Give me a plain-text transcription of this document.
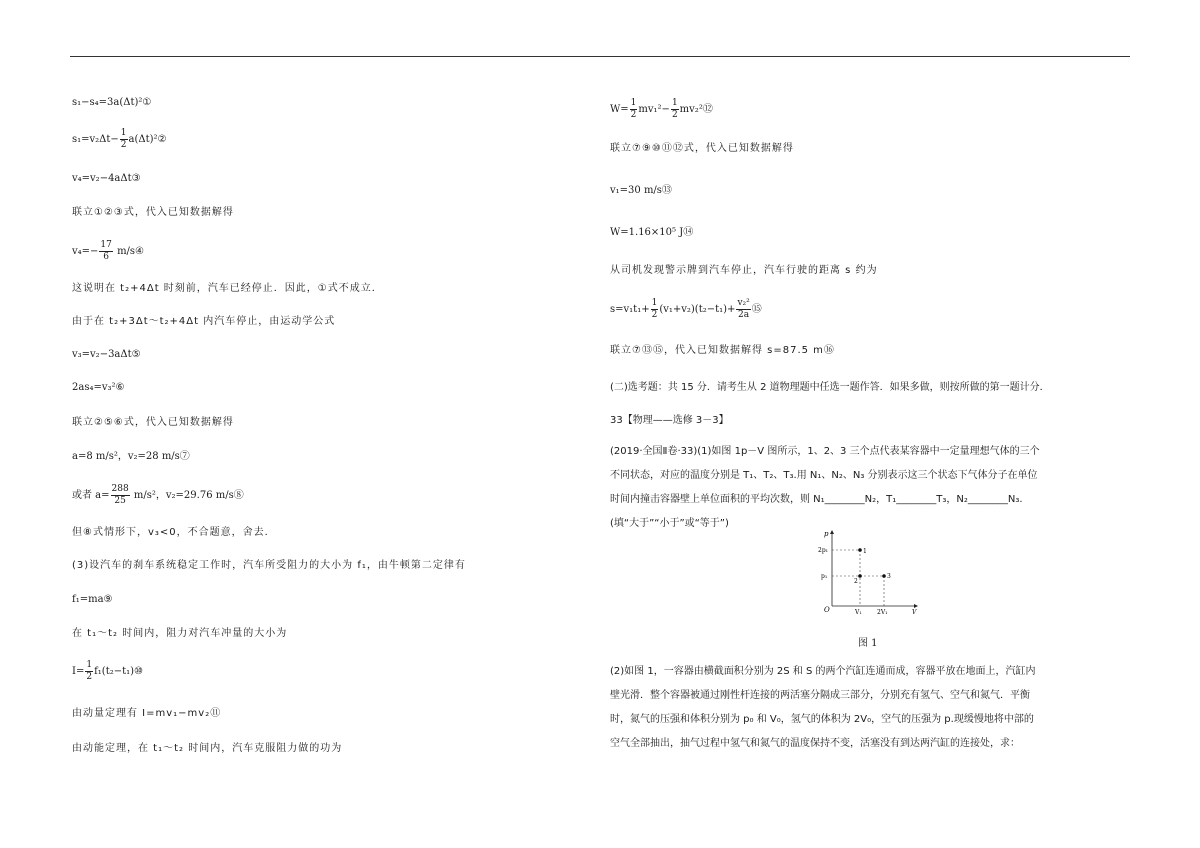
s₁−s₄=3a(Δt)²①
$s_1=v_2\Delta t- \frac{1}{2}$ a(Δt)²②
v₄=v₂−4aΔt③
联立①②③式，代入已知数据解得
$v_4=- \frac{17}{6}$ m/s④
这说明在 t₂+4Δt 时刻前，汽车已经停止．因此，①式不成立．
由于在 t₂+3Δt～t₂+4Δt 内汽车停止，由运动学公式
v₃=v₂−3aΔt⑤
2as₄=v₃²⑥
联立②⑤⑥式，代入已知数据解得
a=8 m/s²，v₂=28 m/s⑦
或者 $a= \frac{288}{25} m/s^2$，v₂=29.76 m/s⑧
但⑧式情形下，v₃<0，不合题意，舍去．
(3)设汽车的刹车系统稳定工作时，汽车所受阻力的大小为 f₁，由牛顿第二定律有
f₁=ma⑨
在 t₁～t₂ 时间内，阻力对汽车冲量的大小为
$I= \frac{1}{2}$ f₁(t₂−t₁)⑩
由动量定理有 I=mv₁−mv₂⑪
由动能定理，在 t₁～t₂ 时间内，汽车克服阻力做的功为
$W= \frac{1}{2} mv_1^2- \frac{1}{2}$ mv₂²⑫
联立⑦⑨⑩⑪⑫式，代入已知数据解得
v₁=30 m/s⑬
W=1.16×10⁵ J⑭
从司机发现警示牌到汽车停止，汽车行驶的距离 s 约为
$s=v_1t_1+ \frac{1}{2} (v_1+v_2)(t_2-t_1)+ \frac{\text{v₂²}}{2a}$ ⑮
联立⑦⑬⑮，代入已知数据解得 s=87.5 m⑯
(二)选考题：共 15 分．请考生从 2 道物理题中任选一题作答．如果多做，则按所做的第一题计分．
33【物理——选修 3－3】
(2019·全国Ⅱ卷·33)(1)如图 1p－V 图所示，1、2、3 三个点代表某容器中一定量理想气体的三个不同状态，对应的温度分别是 T₁、T₂、T₃.用 N₁、N₂、N₃ 分别表示这三个状态下气体分子在单位时间内撞击容器壁上单位面积的平均次数，则 N₁________N₂，T₁________T₃，N₂________N₃.(填“大于”“小于”或“等于”)
p
V
O
2p₁
p₁
V₁	2V₁
1
2
3
图 1
(2)如图 1，一容器由横截面积分别为 2S 和 S 的两个汽缸连通而成，容器平放在地面上，汽缸内壁光滑．整个容器被通过刚性杆连接的两活塞分隔成三部分，分别充有氢气、空气和氮气．平衡时，氮气的压强和体积分别为 p₀ 和 V₀，氢气的体积为 2V₀，空气的压强为 p.现缓慢地将中部的空气全部抽出，抽气过程中氢气和氮气的温度保持不变，活塞没有到达两汽缸的连接处，求：
